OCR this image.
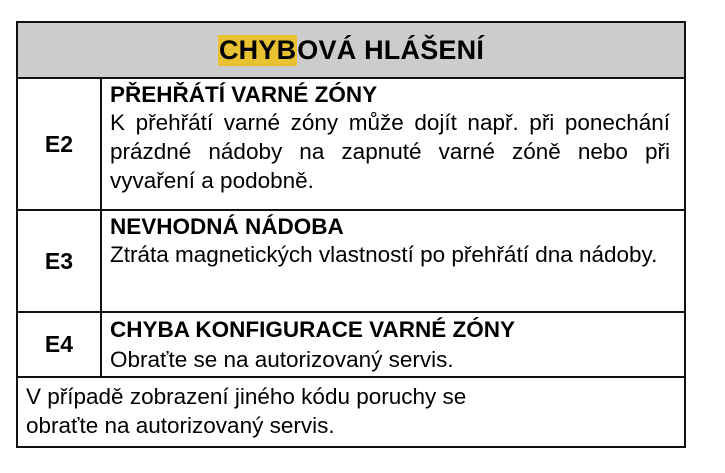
CHYB OVÁ HLÁŠENÍ
E2
PŘEHŘÁTÍ VARNÉ ZÓNY
K přehřátí varné zóny může dojít např. při ponechání prázdné nádoby na zapnuté varné zóně nebo při vyvaření a podobně.
E3
NEVHODNÁ NÁDOBA
Ztráta magnetických vlastností po přehřátí dna nádoby.
E4
CHYBA KONFIGURACE VARNÉ ZÓNY
Obraťte se na autorizovaný servis.
V případě zobrazení jiného kódu poruchy se
obraťte na autorizovaný servis.
